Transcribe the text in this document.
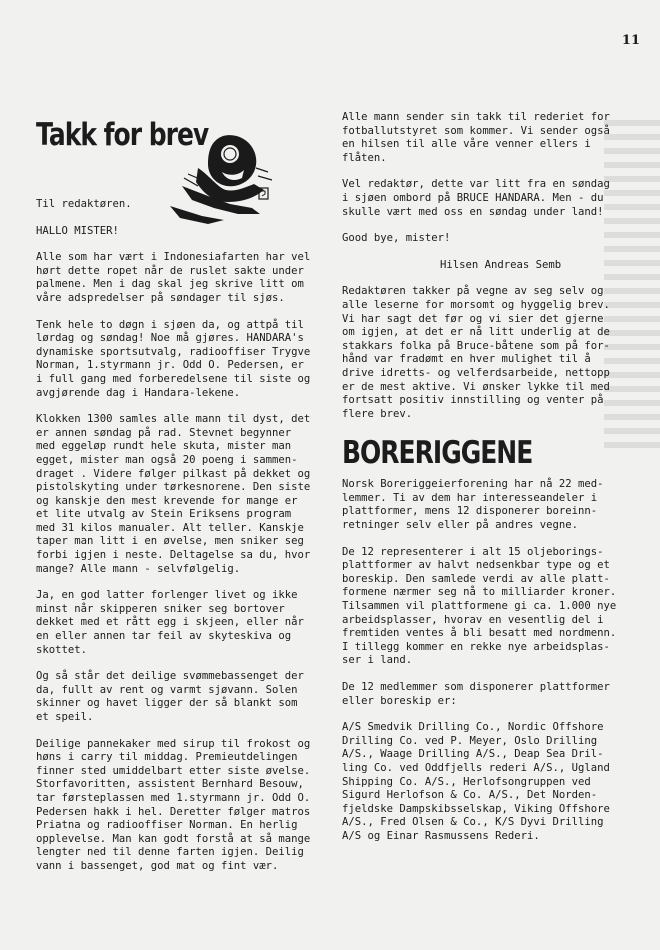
11
Takk for brev

Til redaktøren.

HALLO MISTER!

Alle som har vært i Indonesiafarten har vel
hørt dette ropet når de ruslet sakte under
palmene. Men i dag skal jeg skrive litt om
våre adspredelser på søndager til sjøs.

Tenk hele to døgn i sjøen da, og attpå til
lørdag og søndag! Noe må gjøres. HANDARA's
dynamiske sportsutvalg, radiooffiser Trygve
Norman, 1.styrmann jr. Odd O. Pedersen, er
i full gang med forberedelsene til siste og
avgjørende dag i Handara-lekene.

Klokken 1300 samles alle mann til dyst, det
er annen søndag på rad. Stevnet begynner
med eggeløp rundt hele skuta, mister man
egget, mister man også 20 poeng i sammen-
draget . Videre følger pilkast på dekket og
pistolskyting under tørkesnorene. Den siste
og kanskje den mest krevende for mange er
et lite utvalg av Stein Eriksens program
med 31 kilos manualer. Alt teller. Kanskje
taper man litt i en øvelse, men sniker seg
forbi igjen i neste. Deltagelse sa du, hvor
mange? Alle mann - selvfølgelig.

Ja, en god latter forlenger livet og ikke
minst når skipperen sniker seg bortover
dekket med et rått egg i skjeen, eller når
en eller annen tar feil av skyteskiva og
skottet.

Og så står det deilige svømmebassenget der
da, fullt av rent og varmt sjøvann. Solen
skinner og havet ligger der så blankt som
et speil.

Deilige pannekaker med sirup til frokost og
høns i carry til middag. Premieutdelingen
finner sted umiddelbart etter siste øvelse.
Storfavoritten, assistent Bernhard Besouw,
tar førsteplassen med 1.styrmann jr. Odd O.
Pedersen hakk i hel. Deretter følger matros
Priatna og radiooffiser Norman. En herlig
opplevelse. Man kan godt forstå at så mange
lengter ned til denne farten igjen. Deilig
vann i bassenget, god mat og fint vær.

Alle mann sender sin takk til rederiet for
fotballutstyret som kommer. Vi sender også
en hilsen til alle våre venner ellers i
flåten.

Vel redaktør, dette var litt fra en søndag
i sjøen ombord på BRUCE HANDARA. Men - du
skulle vært med oss en søndag under land!

Good bye, mister!

Hilsen Andreas Semb

Redaktøren takker på vegne av seg selv og
alle leserne for morsomt og hyggelig brev.
Vi har sagt det før og vi sier det gjerne
om igjen, at det er nå litt underlig at de
stakkars folka på Bruce-båtene som på for-
hånd var fradømt en hver mulighet til å
drive idretts- og velferdsarbeide, nettopp
er de mest aktive. Vi ønsker lykke til med
fortsatt positiv innstilling og venter på
flere brev.

BORERIGGENE

Norsk Boreriggeierforening har nå 22 med-
lemmer. Ti av dem har interesseandeler i
plattformer, mens 12 disponerer boreinn-
retninger selv eller på andres vegne.

De 12 representerer i alt 15 oljeborings-
plattformer av halvt nedsenkbar type og et
boreskip. Den samlede verdi av alle platt-
formene nærmer seg nå to milliarder kroner.
Tilsammen vil plattformene gi ca. 1.000 nye
arbeidsplasser, hvorav en vesentlig del i
fremtiden ventes å bli besatt med nordmenn.
I tillegg kommer en rekke nye arbeidsplas-
ser i land.

De 12 medlemmer som disponerer plattformer
eller boreskip er:

A/S Smedvik Drilling Co., Nordic Offshore
Drilling Co. ved P. Meyer, Oslo Drilling
A/S., Waage Drilling A/S., Deap Sea Dril-
ling Co. ved Oddfjells rederi A/S., Ugland
Shipping Co. A/S., Herlofsongruppen ved
Sigurd Herlofson & Co. A/S., Det Norden-
fjeldske Dampskibsselskap, Viking Offshore
A/S., Fred Olsen & Co., K/S Dyvi Drilling
A/S og Einar Rasmussens Rederi.
